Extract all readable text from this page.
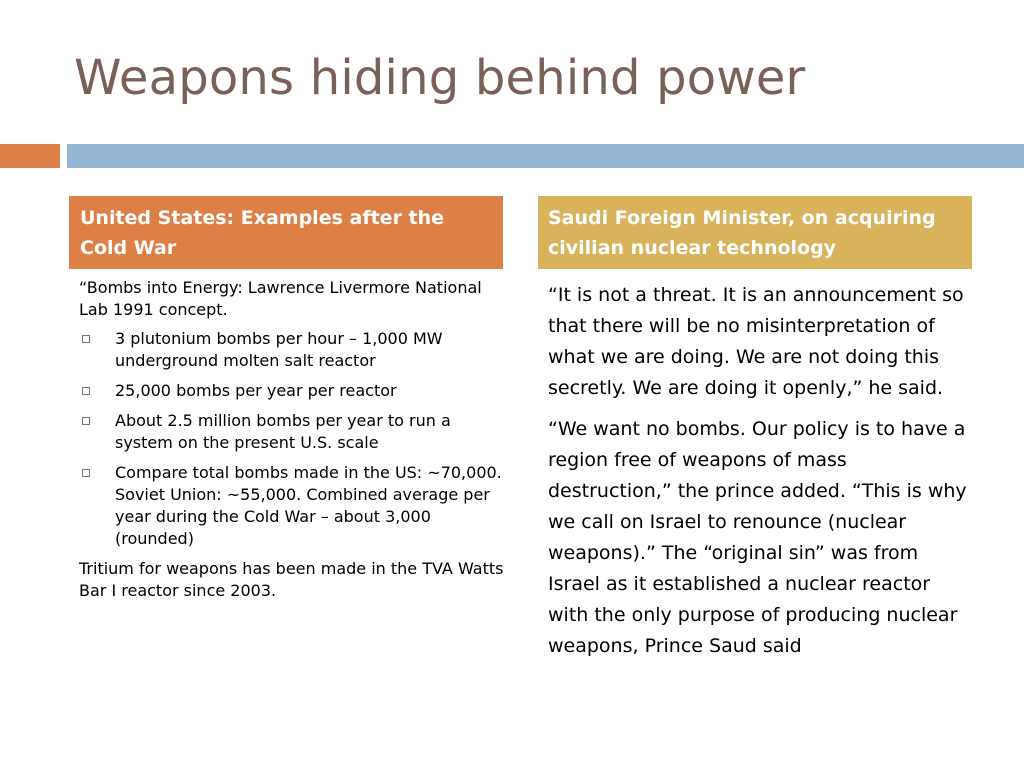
Weapons hiding behind power
United States: Examples after the Cold War
Saudi Foreign Minister, on acquiring civilian nuclear technology

“Bombs into Energy: Lawrence Livermore National Lab 1991 concept.

3 plutonium bombs per hour – 1,000 MW underground molten salt reactor
25,000 bombs per year per reactor
About 2.5 million bombs per year to run a system on the present U.S. scale
Compare total bombs made in the US: ~70,000. Soviet Union: ~55,000. Combined average per year during the Cold War – about 3,000 (rounded)

Tritium for weapons has been made in the TVA Watts Bar I reactor since 2003.

“It is not a threat. It is an announcement so that there will be no misinterpretation of what we are doing. We are not doing this secretly. We are doing it openly,” he said.

“We want no bombs. Our policy is to have a region free of weapons of mass destruction,” the prince added. “This is why we call on Israel to renounce (nuclear weapons).” The “original sin” was from Israel as it established a nuclear reactor with the only purpose of producing nuclear weapons, Prince Saud said
